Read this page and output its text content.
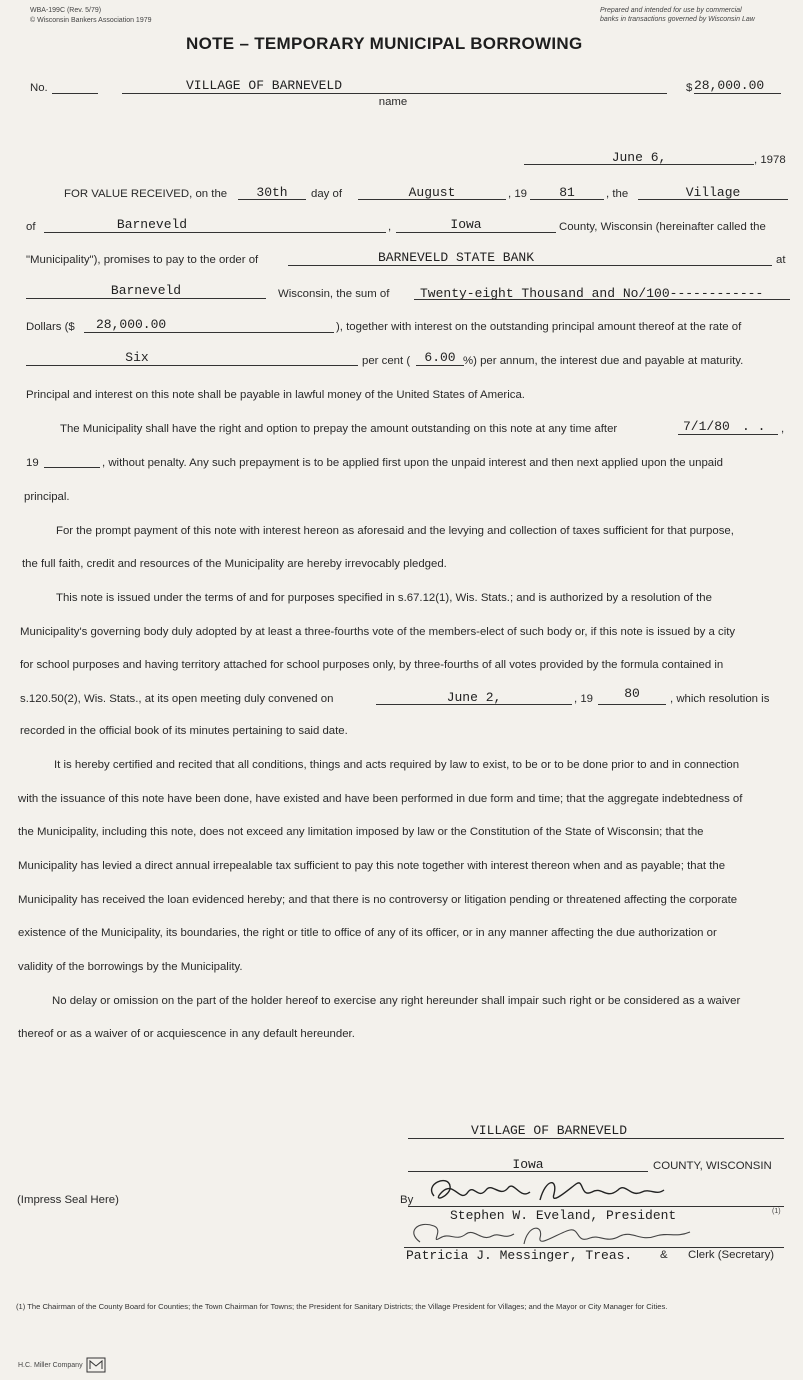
WBA-199C (Rev. 5/79)
© Wisconsin Bankers Association 1979
Prepared and intended for use by commercial
banks in transactions governed by Wisconsin Law
NOTE – TEMPORARY MUNICIPAL BORROWING
No.	VILLAGE OF BARNEVELD
name
$ 28,000.00
June 6,	, 1978
FOR VALUE RECEIVED, on the	30th	day of	August	, 19	81	, the	Village
of	Barneveld	,	Iowa	County, Wisconsin (hereinafter called the
"Municipality"), promises to pay to the order of	BARNEVELD STATE BANK	at
Barneveld	Wisconsin, the sum of Twenty-eight Thousand and No/100------------
Dollars ($ 28,000.00	), together with interest on the outstanding principal amount thereof at the rate of
Six	per cent (	6.00 %) per annum, the interest due and payable at maturity.
Principal and interest on this note shall be payable in lawful money of the United States of America.
The Municipality shall have the right and option to prepay the amount outstanding on this note at any time after	7/1/80 . . ,
19	, without penalty. Any such prepayment is to be applied first upon the unpaid interest and then next applied upon the unpaid
principal.
For the prompt payment of this note with interest hereon as aforesaid and the levying and collection of taxes sufficient for that purpose,
the full faith, credit and resources of the Municipality are hereby irrevocably pledged.
This note is issued under the terms of and for purposes specified in s.67.12(1), Wis. Stats.; and is authorized by a resolution of the
Municipality's governing body duly adopted by at least a three-fourths vote of the members-elect of such body or, if this note is issued by a city
for school purposes and having territory attached for school purposes only, by three-fourths of all votes provided by the formula contained in
s.120.50(2), Wis. Stats., at its open meeting duly convened on	June 2,	, 19	80	, which resolution is
recorded in the official book of its minutes pertaining to said date.
It is hereby certified and recited that all conditions, things and acts required by law to exist, to be or to be done prior to and in connection
with the issuance of this note have been done, have existed and have been performed in due form and time; that the aggregate indebtedness of
the Municipality, including this note, does not exceed any limitation imposed by law or the Constitution of the State of Wisconsin; that the
Municipality has levied a direct annual irrepealable tax sufficient to pay this note together with interest thereon when and as payable; that the
Municipality has received the loan evidenced hereby; and that there is no controversy or litigation pending or threatened affecting the corporate
existence of the Municipality, its boundaries, the right or title to office of any of its officer, or in any manner affecting the due authorization or
validity of the borrowings by the Municipality.
No delay or omission on the part of the holder hereof to exercise any right hereunder shall impair such right or be considered as a waiver
thereof or as a waiver of or acquiescence in any default hereunder.
VILLAGE OF BARNEVELD
Iowa	COUNTY, WISCONSIN
(Impress Seal Here)	By
Stephen W. Eveland, President	(1)
Patricia J. Messinger, Treas. & Clerk (Secretary)
(1) The Chairman of the County Board for Counties; the Town Chairman for Towns; the President for Sanitary Districts; the Village President for Villages; and the Mayor or City Manager for Cities.
H.C. Miller Company
